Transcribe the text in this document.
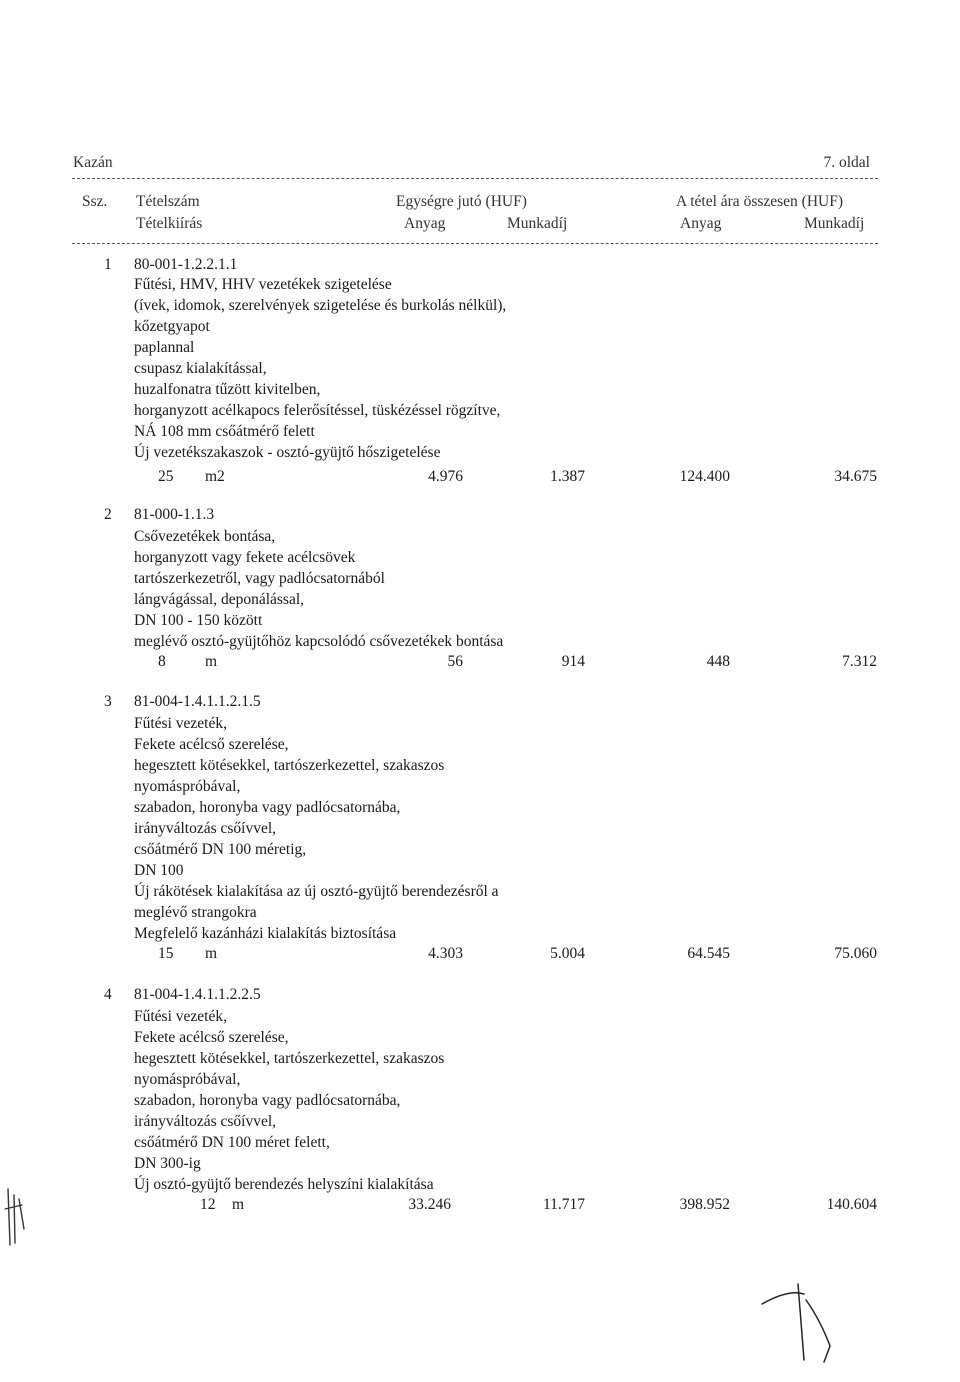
Kazán	7. oldal
Ssz. Tételszám
Tételkiírás
Egységre jutó (HUF)
Anyag	Munkadíj
A tétel ára összesen (HUF)
Anyag	Munkadíj
1 80-001-1.2.2.1.1
Fűtési, HMV, HHV vezetékek szigetelése
(ívek, idomok, szerelvények szigetelése és burkolás nélkül),
kőzetgyapot
paplannal
csupasz kialakítással,
huzalfonatra tűzött kivitelben,
horganyzott acélkapocs felerősítéssel, tüskézéssel rögzítve,
NÁ 108 mm csőátmérő felett
Új vezetékszakaszok - osztó-gyüjtő hőszigetelése
25 m2	4.976	1.387	124.400	34.675
2 81-000-1.1.3
Csővezetékek bontása,
horganyzott vagy fekete acélcsövek
tartószerkezetről, vagy padlócsatornából
lángvágással, deponálással,
DN 100 - 150 között
meglévő osztó-gyüjtőhöz kapcsolódó csővezetékek bontása
8	m	56	914	448	7.312
3 81-004-1.4.1.1.2.1.5
Fűtési vezeték,
Fekete acélcső szerelése,
hegesztett kötésekkel, tartószerkezettel, szakaszos
nyomáspróbával,
szabadon, horonyba vagy padlócsatornába,
irányváltozás csőívvel,
csőátmérő DN 100 méretig,
DN 100
Új rákötések kialakítása az új osztó-gyüjtő berendezésről a
meglévő strangokra
Megfelelő kazánházi kialakítás biztosítása
15 m	4.303	5.004	64.545	75.060
4 81-004-1.4.1.1.2.2.5
Fűtési vezeték,
Fekete acélcső szerelése,
hegesztett kötésekkel, tartószerkezettel, szakaszos
nyomáspróbával,
szabadon, horonyba vagy padlócsatornába,
irányváltozás csőívvel,
csőátmérő DN 100 méret felett,
DN 300-ig
Új osztó-gyüjtő berendezés helyszíni kialakítása
12 m	33.246	11.717	398.952	140.604
